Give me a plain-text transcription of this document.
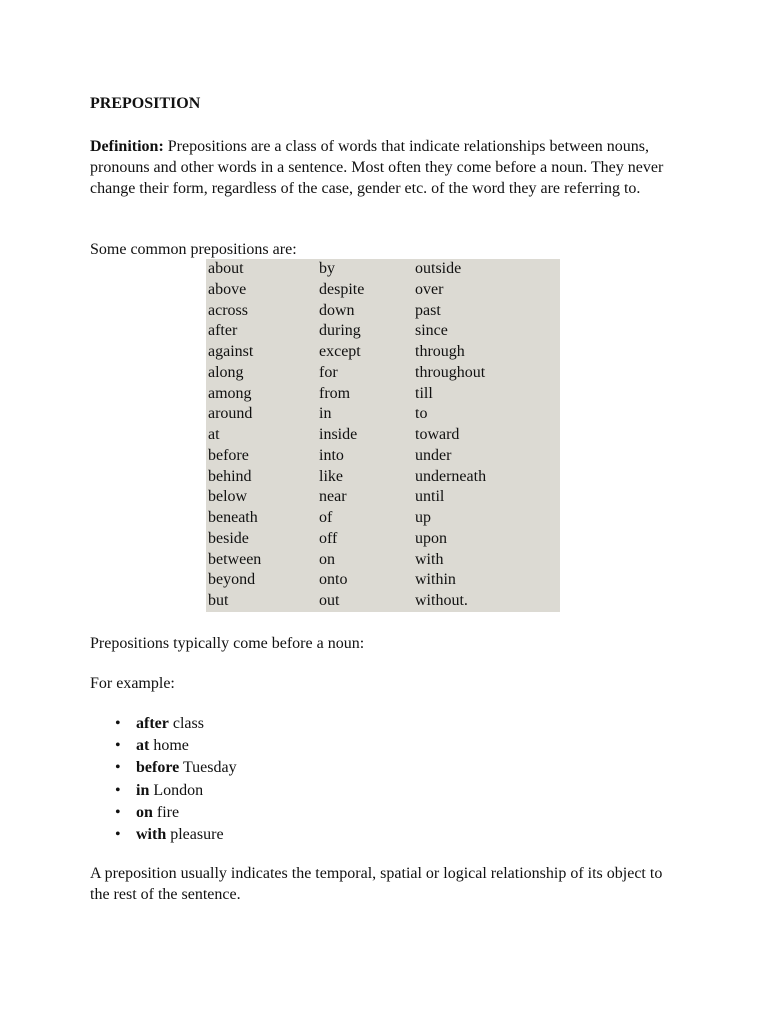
PREPOSITION

Definition: Prepositions are a class of words that indicate relationships between nouns, pronouns and other words in a sentence. Most often they come before a noun. They never change their form, regardless of the case, gender etc. of the word they are referring to.

Some common prepositions are:

about	by	outside
above	despite	over
across	down	past
after	during	since
against	except	through
along	for	throughout
among	from	till
around	in	to
at	inside	toward
before	into	under
behind	like	underneath
below	near	until
beneath	of	up
beside	off	upon
between	on	with
beyond	onto	within
but	out	without.

Prepositions typically come before a noun:

For example:

• after class
• at home
• before Tuesday
• in London
• on fire
• with pleasure

A preposition usually indicates the temporal, spatial or logical relationship of its object to the rest of the sentence.
